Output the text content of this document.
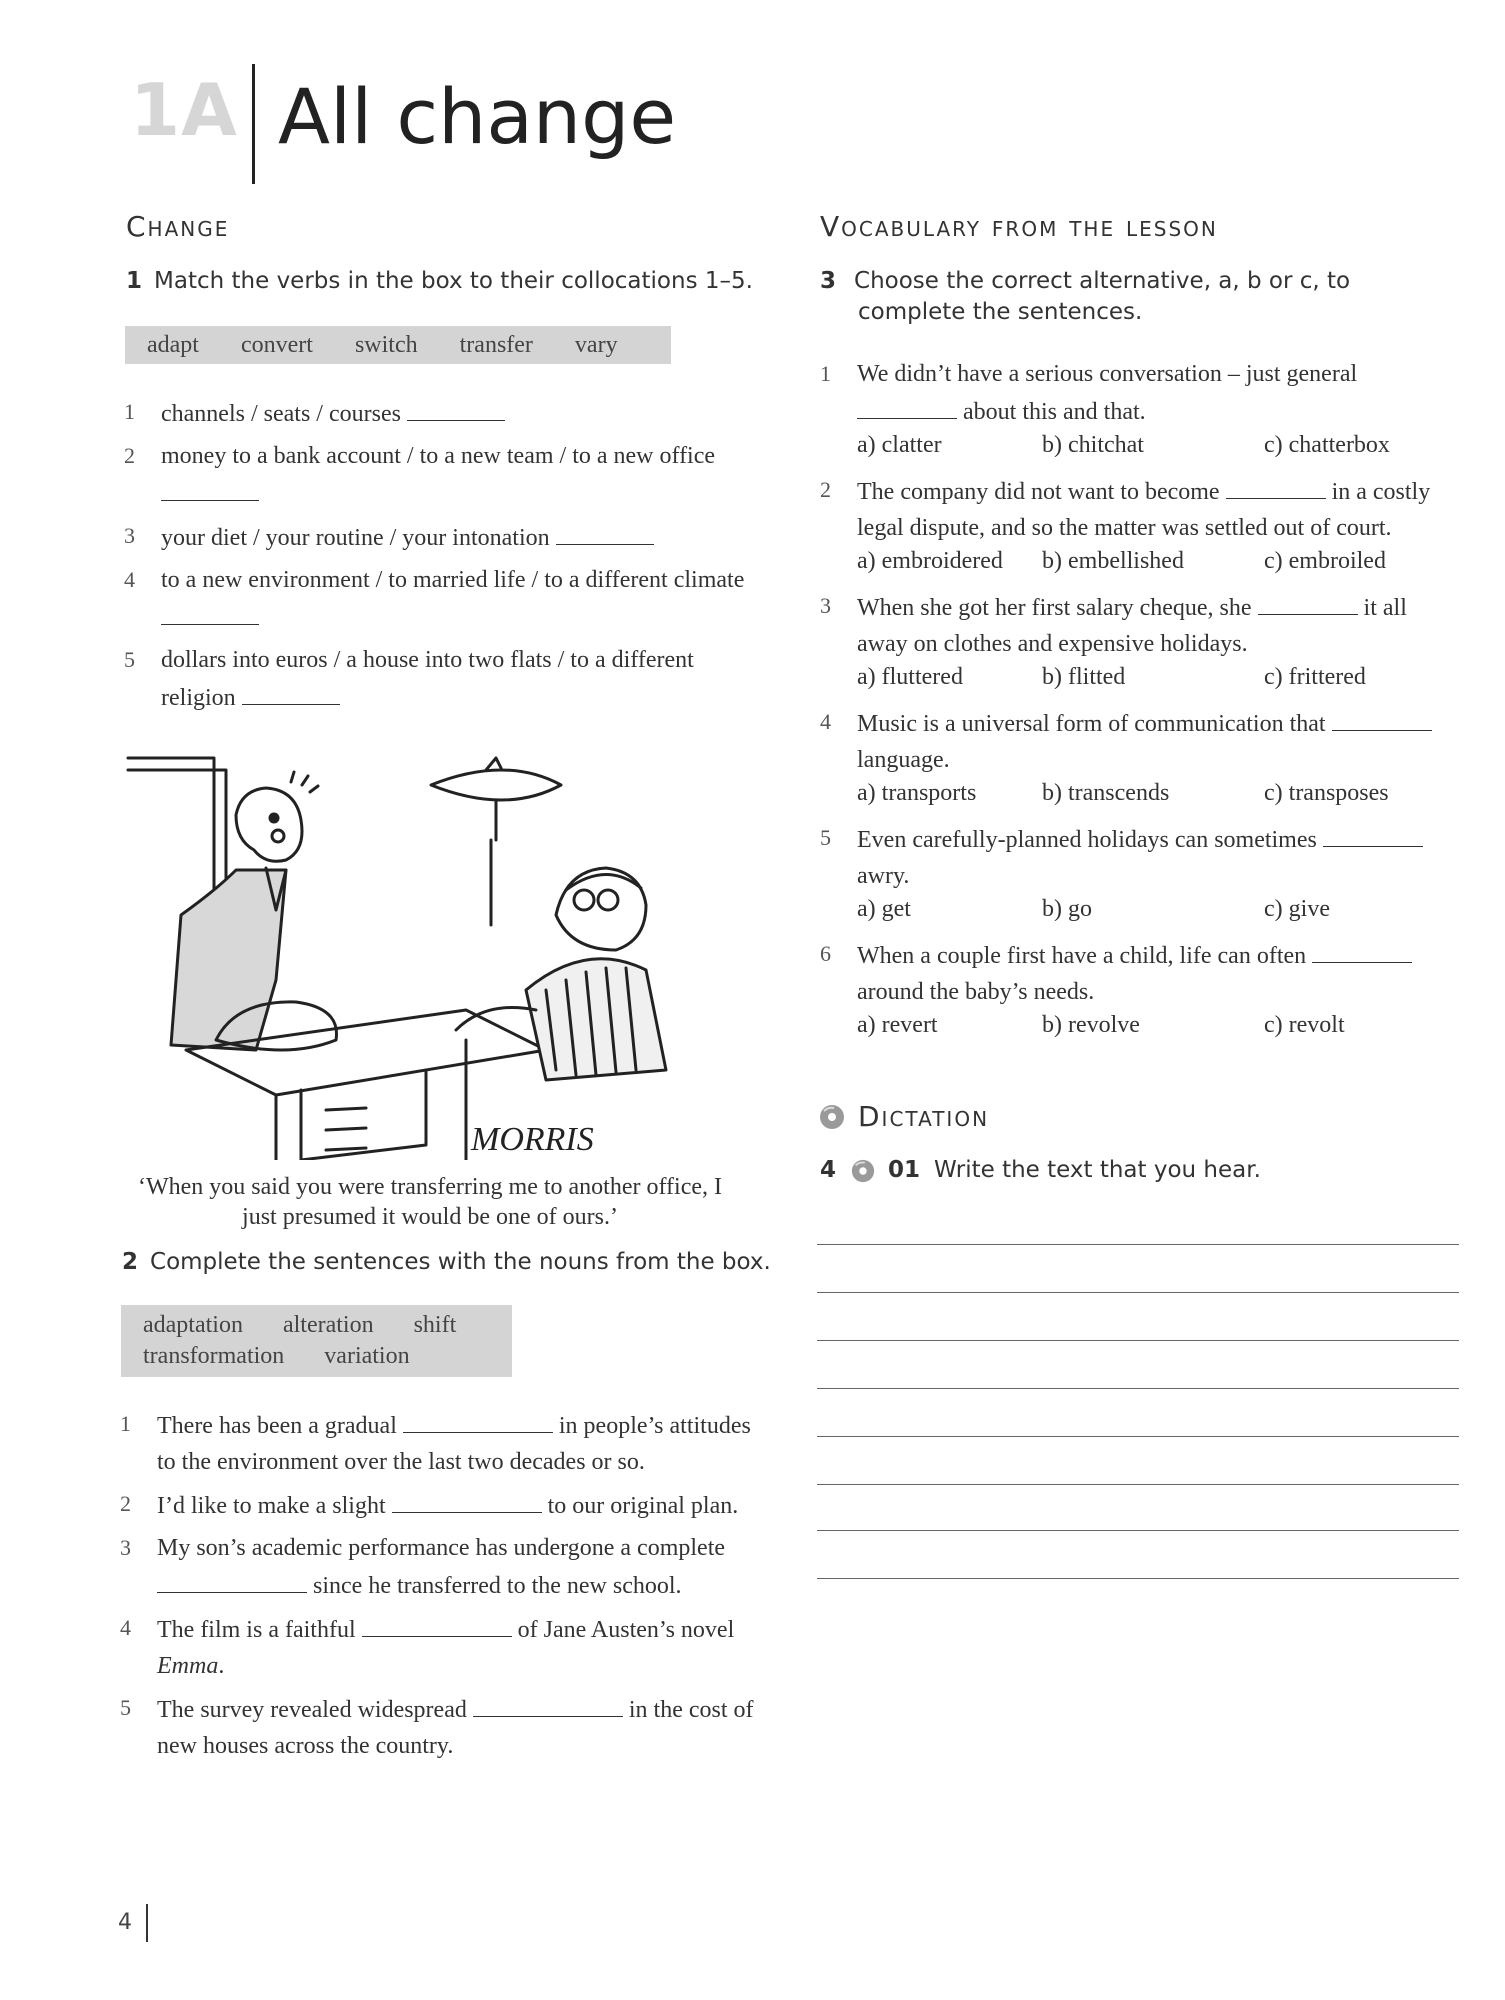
1A All change
Change
1 Match the verbs in the box to their collocations 1–5.
adapt convert switch transfer vary
1 channels / seats / courses
2 money to a bank account / to a new team / to a new office
3 your diet / your routine / your intonation
4 to a new environment / to married life / to a different climate
5 dollars into euros / a house into two flats / to a different religion
MORRIS
‘When you said you were transferring me to another office, I just presumed it would be one of ours.’
2 Complete the sentences with the nouns from the box.
adaptation alteration shift
transformation variation
1 There has been a gradual	in people’s attitudes to the environment over the last two decades or so.
2 I’d like to make a slight	to our original plan.
3 My son’s academic performance has undergone a complete  since he transferred to the new school.
4 The film is a faithful	of Jane Austen’s novel Emma.
5 The survey revealed widespread	in the cost of new houses across the country.
Vocabulary from the lesson
3 Choose the correct alternative, a, b or c, to complete the sentences.
1 We didn’t have a serious conversation – just general  about this and that.
a) clatter	b) chitchat	c) chatterbox
2 The company did not want to become	in a costly legal dispute, and so the matter was settled out of court.
a) embroidered	b) embellished	c) embroiled
3 When she got her first salary cheque, she	it all away on clothes and expensive holidays.
a) fluttered	b) flitted	c) frittered
4 Music is a universal form of communication that  language.
a) transports	b) transcends	c) transposes
5 Even carefully-planned holidays can sometimes  awry.
a) get	b) go	c) give
6 When a couple first have a child, life can often  around the baby’s needs.
a) revert	b) revolve	c) revolt
Dictation
4 01 Write the text that you hear.
4
